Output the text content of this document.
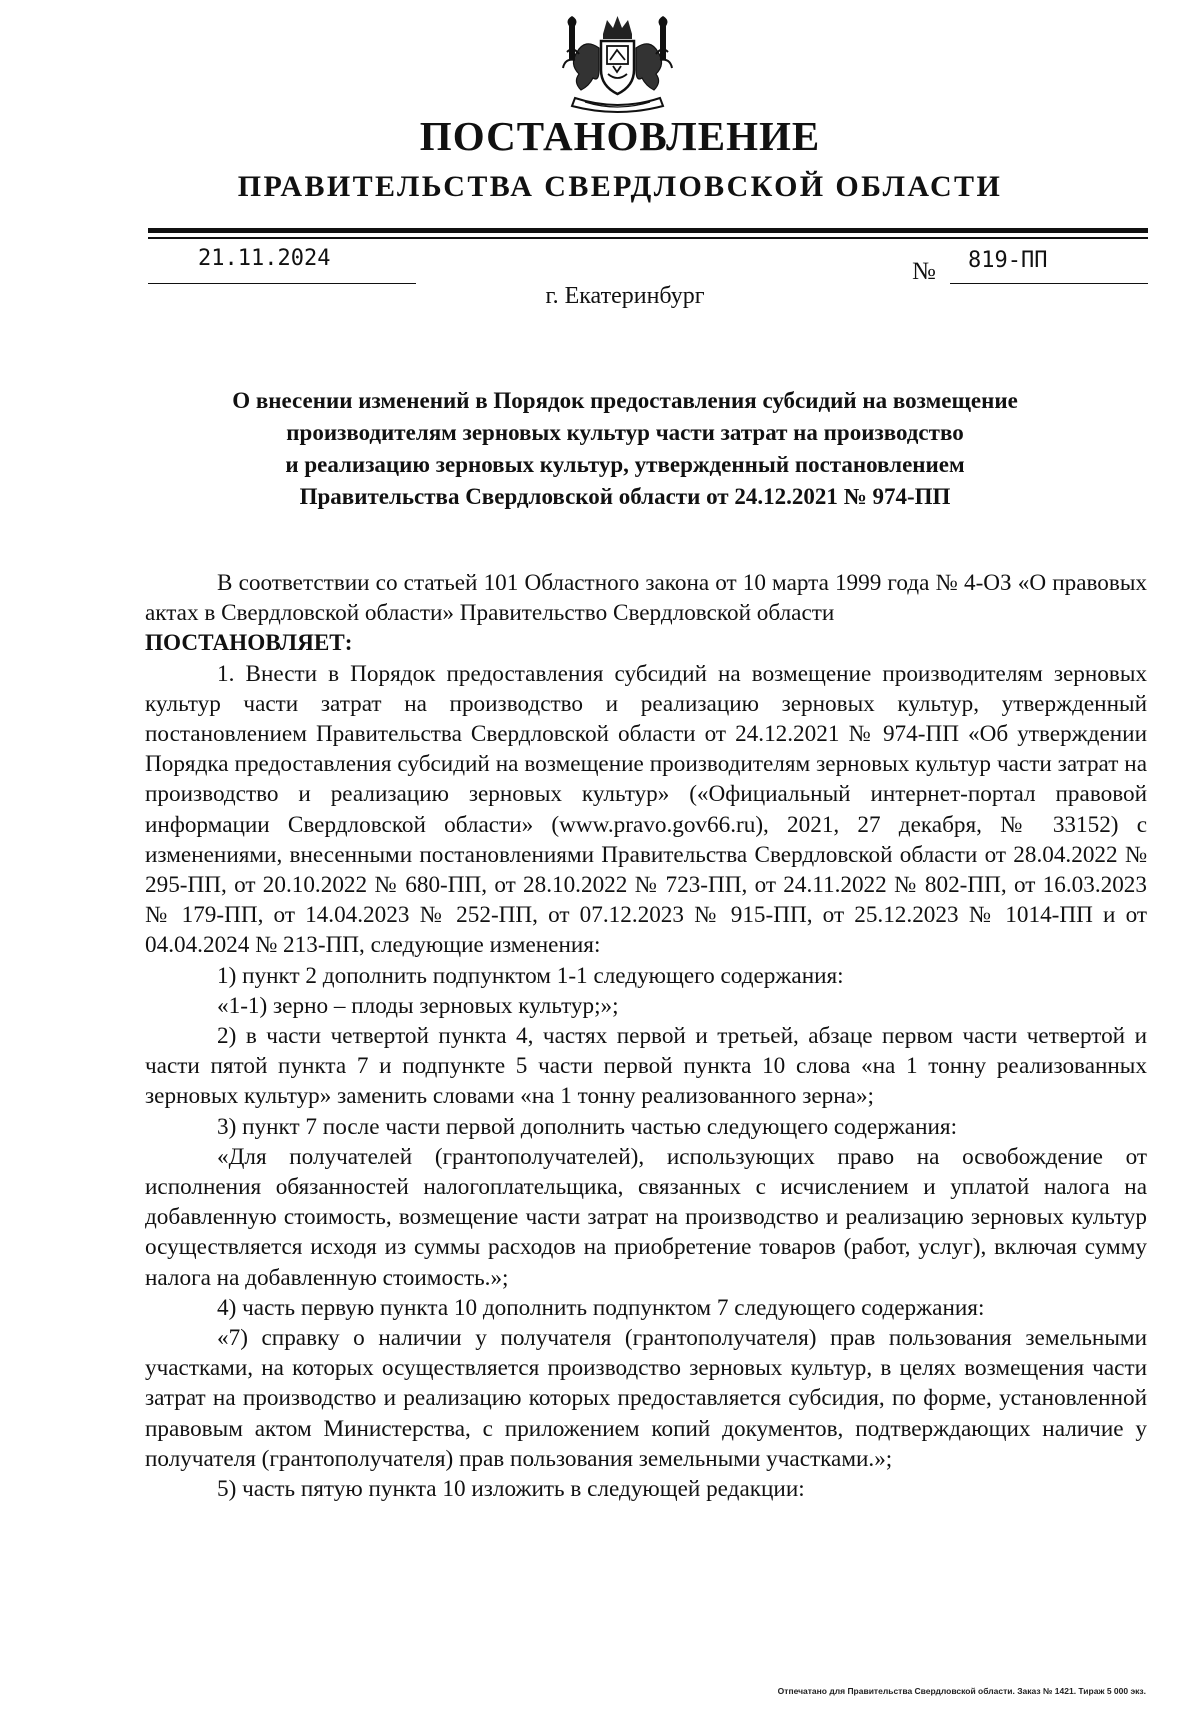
ПОСТАНОВЛЕНИЕ
ПРАВИТЕЛЬСТВА СВЕРДЛОВСКОЙ ОБЛАСТИ
21.11.2024	№	819-ПП
г. Екатеринбург
О внесении изменений в Порядок предоставления субсидий на возмещение
производителям зерновых культур части затрат на производство
и реализацию зерновых культур, утвержденный постановлением
Правительства Свердловской области от 24.12.2021 № 974-ПП

В соответствии со статьей 101 Областного закона от 10 марта 1999 года № 4-ОЗ «О правовых актах в Свердловской области» Правительство Свердловской области

ПОСТАНОВЛЯЕТ:

1. Внести в Порядок предоставления субсидий на возмещение производителям зерновых культур части затрат на производство и реализацию зерновых культур, утвержденный постановлением Правительства Свердловской области от 24.12.2021 № 974-ПП «Об утверждении Порядка предоставления субсидий на возмещение производителям зерновых культур части затрат на производство и реализацию зерновых культур» («Официальный интернет-портал правовой информации Свердловской области» (www.pravo.gov66.ru), 2021, 27 декабря, № 33152) с изменениями, внесенными постановлениями Правительства Свердловской области от 28.04.2022 № 295-ПП, от 20.10.2022 № 680-ПП, от 28.10.2022 № 723-ПП, от 24.11.2022 № 802-ПП, от 16.03.2023 № 179-ПП, от 14.04.2023 № 252-ПП, от 07.12.2023 № 915-ПП, от 25.12.2023 № 1014-ПП и от 04.04.2024 № 213-ПП, следующие изменения:

1) пункт 2 дополнить подпунктом 1-1 следующего содержания:

«1-1) зерно – плоды зерновых культур;»;

2) в части четвертой пункта 4, частях первой и третьей, абзаце первом части четвертой и части пятой пункта 7 и подпункте 5 части первой пункта 10 слова «на 1 тонну реализованных зерновых культур» заменить словами «на 1 тонну реализованного зерна»;

3) пункт 7 после части первой дополнить частью следующего содержания:

«Для получателей (грантополучателей), использующих право на освобождение от исполнения обязанностей налогоплательщика, связанных с исчислением и уплатой налога на добавленную стоимость, возмещение части затрат на производство и реализацию зерновых культур осуществляется исходя из суммы расходов на приобретение товаров (работ, услуг), включая сумму налога на добавленную стоимость.»;

4) часть первую пункта 10 дополнить подпунктом 7 следующего содержания:

«7) справку о наличии у получателя (грантополучателя) прав пользования земельными участками, на которых осуществляется производство зерновых культур, в целях возмещения части затрат на производство и реализацию которых предоставляется субсидия, по форме, установленной правовым актом Министерства, с приложением копий документов, подтверждающих наличие у получателя (грантополучателя) прав пользования земельными участками.»;

5) часть пятую пункта 10 изложить в следующей редакции:

Отпечатано для Правительства Свердловской области. Заказ № 1421. Тираж 5 000 экз.
